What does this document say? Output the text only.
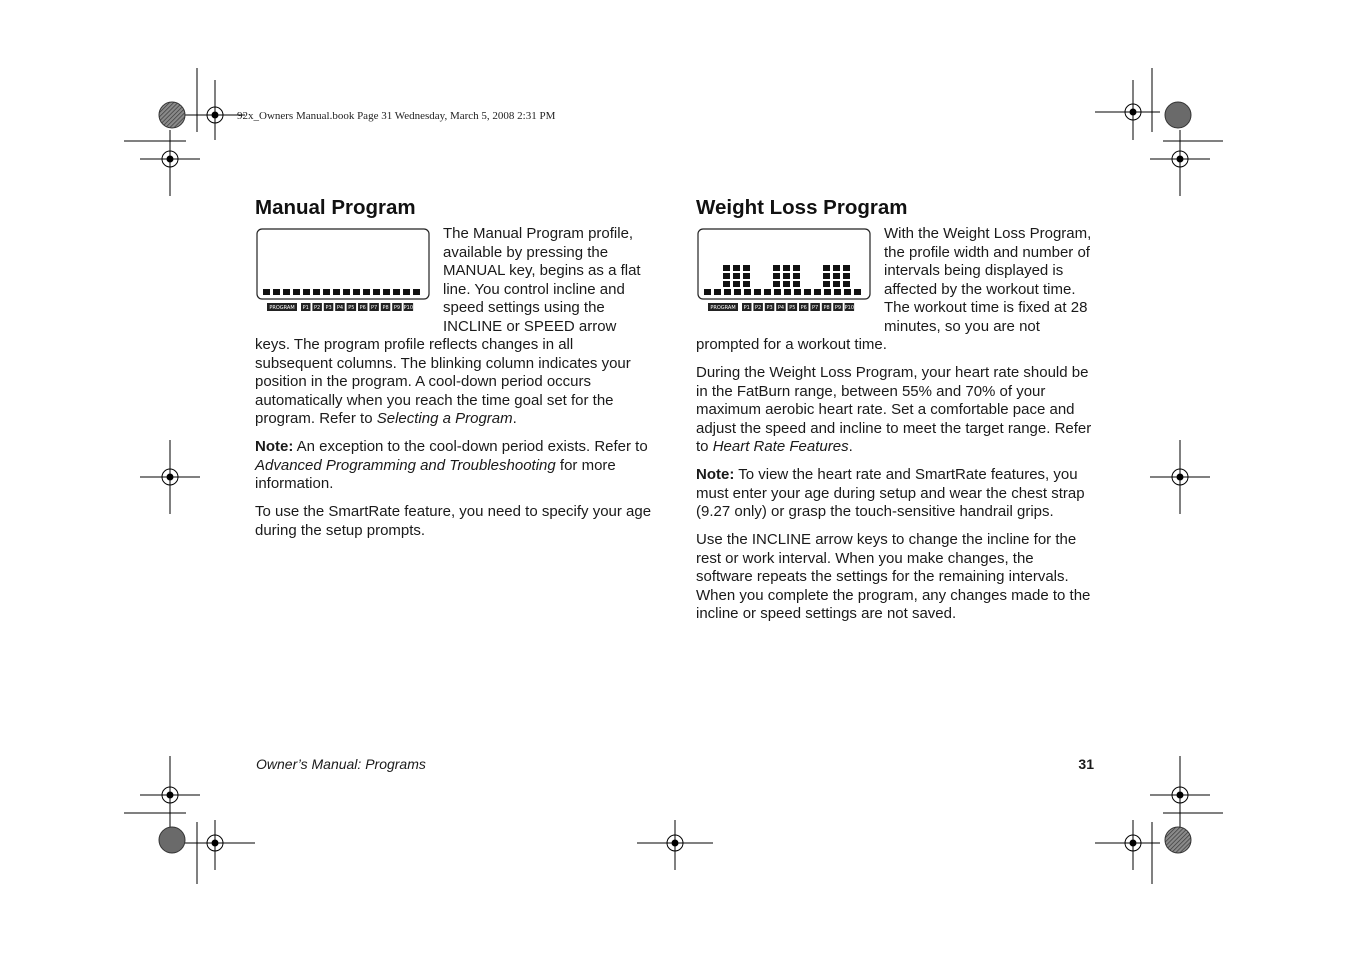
92x_Owners Manual.book Page 31 Wednesday, March 5, 2008 2:31 PM
Manual Program
PROGRAM P1 P2 P3 P4 P5 P6 P7 P8 P9 P10

The Manual Program profile, available by pressing the MANUAL key, begins as a flat line. You control incline and speed settings using the INCLINE or SPEED arrow keys. The program profile reflects changes in all subsequent columns. The blinking column indicates your position in the program. A cool-down period occurs automatically when you reach the time goal set for the program. Refer to Selecting a Program.

Note: An exception to the cool-down period exists. Refer to Advanced Programming and Troubleshooting for more information.

To use the SmartRate feature, you need to specify your age during the setup prompts.

Weight Loss Program
PROGRAM P1 P2 P3 P4 P5 P6 P7 P8 P9 P10

With the Weight Loss Program, the profile width and number of intervals being displayed is affected by the workout time. The workout time is fixed at 28 minutes, so you are not prompted for a workout time.

During the Weight Loss Program, your heart rate should be in the FatBurn range, between 55% and 70% of your maximum aerobic heart rate. Set a comfortable pace and adjust the speed and incline to meet the target range. Refer to Heart Rate Features.

Note: To view the heart rate and SmartRate features, you must enter your age during setup and wear the chest strap (9.27 only) or grasp the touch-sensitive handrail grips.

Use the INCLINE arrow keys to change the incline for the rest or work interval. When you make changes, the software repeats the settings for the remaining intervals. When you complete the program, any changes made to the incline or speed settings are not saved.

Owner’s Manual: Programs	31
